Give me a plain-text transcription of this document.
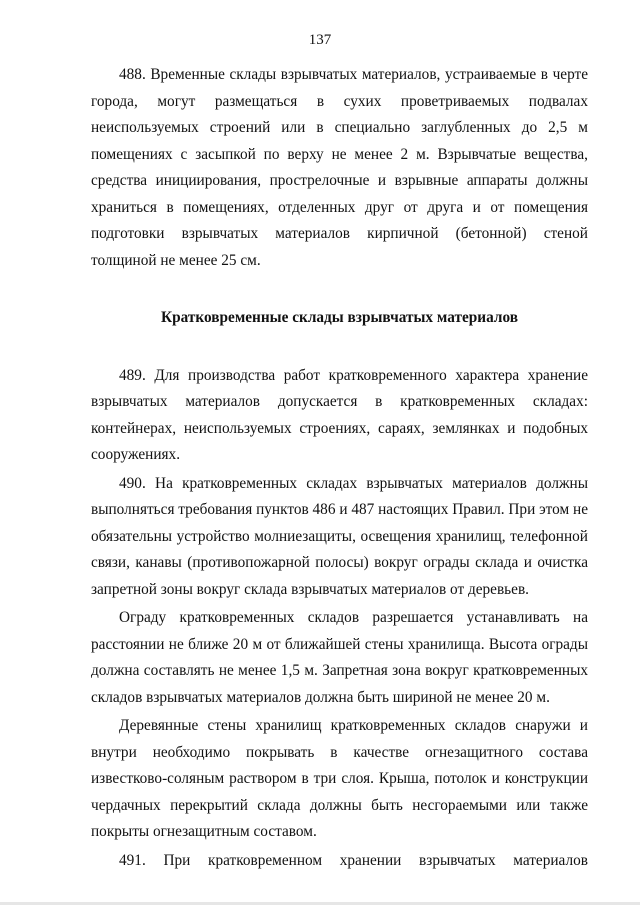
137

488. Временные склады взрывчатых материалов, устраиваемые в черте города, могут размещаться в сухих проветриваемых подвалах неиспользуемых строений или в специально заглубленных до 2,5 м помещениях с засыпкой по верху не менее 2 м. Взрывчатые вещества, средства инициирования, прострелочные и взрывные аппараты должны храниться в помещениях, отделенных друг от друга и от помещения подготовки взрывчатых материалов кирпичной (бетонной) стеной толщиной не менее 25 см.

Кратковременные склады взрывчатых материалов

489. Для производства работ кратковременного характера хранение взрывчатых материалов допускается в кратковременных складах: контейнерах, неиспользуемых строениях, сараях, землянках и подобных сооружениях.

490. На кратковременных складах взрывчатых материалов должны выполняться требования пунктов 486 и 487 настоящих Правил. При этом не обязательны устройство молниезащиты, освещения хранилищ, телефонной связи, канавы (противопожарной полосы) вокруг ограды склада и очистка запретной зоны вокруг склада взрывчатых материалов от деревьев.

Ограду кратковременных складов разрешается устанавливать на расстоянии не ближе 20 м от ближайшей стены хранилища. Высота ограды должна составлять не менее 1,5 м. Запретная зона вокруг кратковременных складов взрывчатых материалов должна быть шириной не менее 20 м.

Деревянные стены хранилищ кратковременных складов снаружи и внутри необходимо покрывать в качестве огнезащитного состава известково-соляным раствором в три слоя. Крыша, потолок и конструкции чердачных перекрытий склада должны быть несгораемыми или также покрыты огнезащитным составом.

491. При кратковременном хранении взрывчатых материалов
